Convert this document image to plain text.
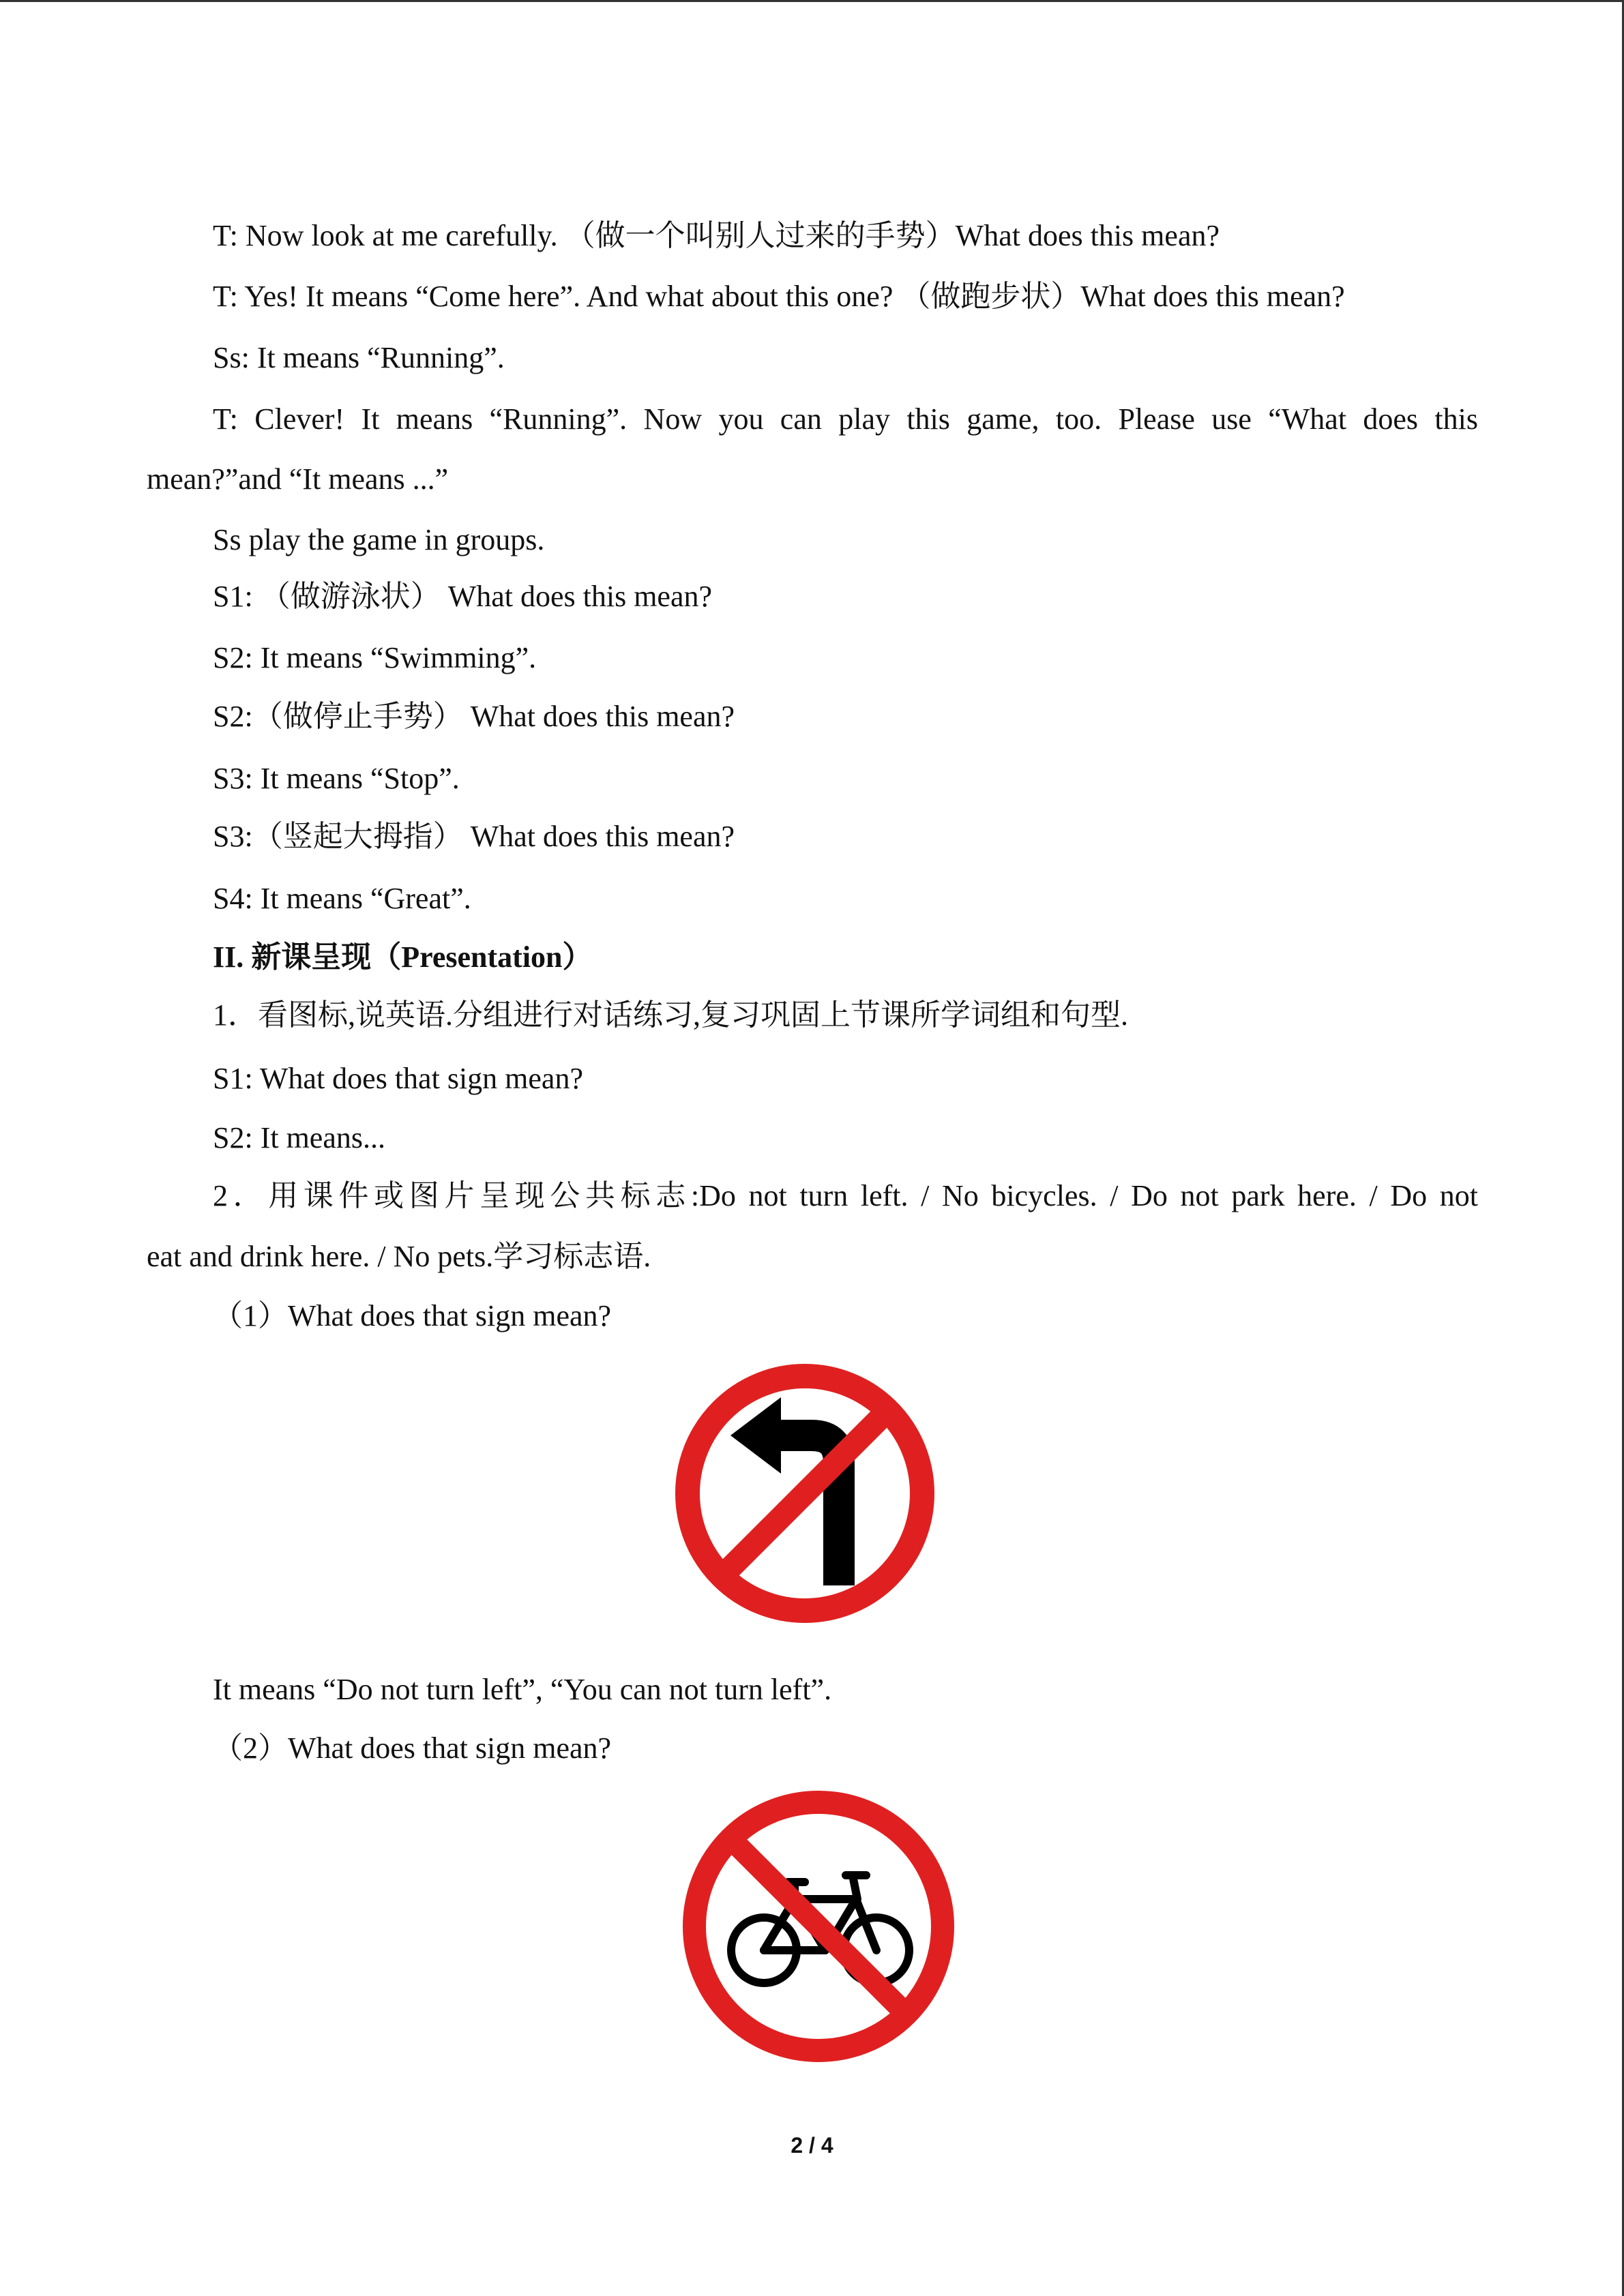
T: Now look at me carefully. （做一个叫别人过来的手势）What does this mean?
T: Yes! It means “Come here”. And what about this one? （做跑步状）What does this mean?
Ss: It means “Running”.
T: Clever! It means “Running”. Now you can play this game, too. Please use “What does this
mean?”and “It means ...”
Ss play the game in groups.
S1: （做游泳状） What does this mean?
S2: It means “Swimming”.
S2:（做停止手势） What does this mean?
S3: It means “Stop”.
S3:（竖起大拇指） What does this mean?
S4: It means “Great”.
II. 新课呈现（Presentation）
1．看图标,说英语.分组进行对话练习,复习巩固上节课所学词组和句型.
S1: What does that sign mean?
S2: It means...
2．用课件或图片呈现公共标志:Do not turn left. / No bicycles. / Do not park here. / Do not
eat and drink here. / No pets.学习标志语.
（1）What does that sign mean?
It means “Do not turn left”, “You can not turn left”.
（2）What does that sign mean?
2 / 4
